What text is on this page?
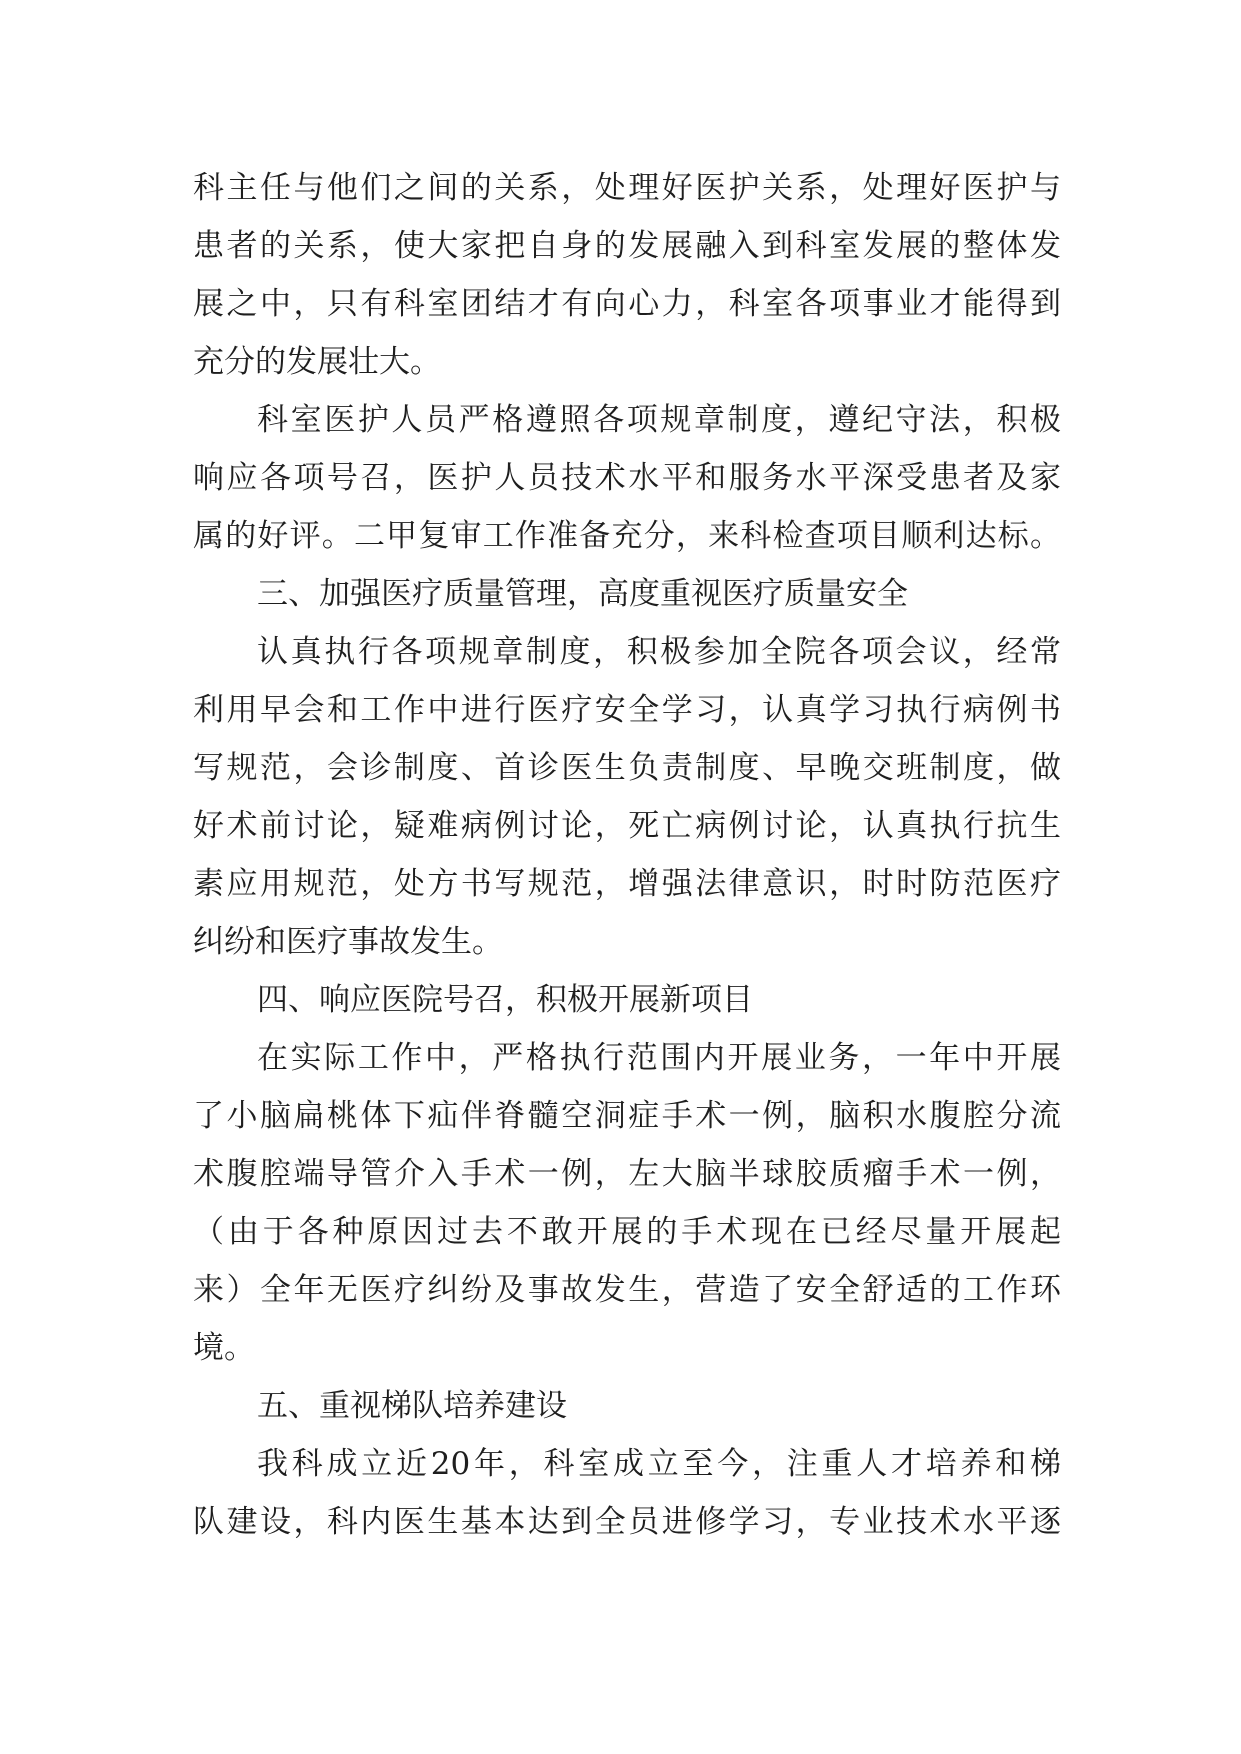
科主任与他们之间的关系，处理好医护关系，处理好医护与
患者的关系，使大家把自身的发展融入到科室发展的整体发
展之中，只有科室团结才有向心力，科室各项事业才能得到
充分的发展壮大。
科室医护人员严格遵照各项规章制度，遵纪守法，积极
响应各项号召，医护人员技术水平和服务水平深受患者及家
属的好评。二甲复审工作准备充分，来科检查项目顺利达标。
三、加强医疗质量管理，高度重视医疗质量安全
认真执行各项规章制度，积极参加全院各项会议，经常
利用早会和工作中进行医疗安全学习，认真学习执行病例书
写规范，会诊制度、首诊医生负责制度、早晚交班制度，做
好术前讨论，疑难病例讨论，死亡病例讨论，认真执行抗生
素应用规范，处方书写规范，增强法律意识，时时防范医疗
纠纷和医疗事故发生。
四、响应医院号召，积极开展新项目
在实际工作中，严格执行范围内开展业务，一年中开展
了小脑扁桃体下疝伴脊髓空洞症手术一例，脑积水腹腔分流
术腹腔端导管介入手术一例，左大脑半球胶质瘤手术一例，
（由于各种原因过去不敢开展的手术现在已经尽量开展起
来）全年无医疗纠纷及事故发生，营造了安全舒适的工作环
境。
五、重视梯队培养建设
我科成立近20年，科室成立至今，注重人才培养和梯
队建设，科内医生基本达到全员进修学习，专业技术水平逐
